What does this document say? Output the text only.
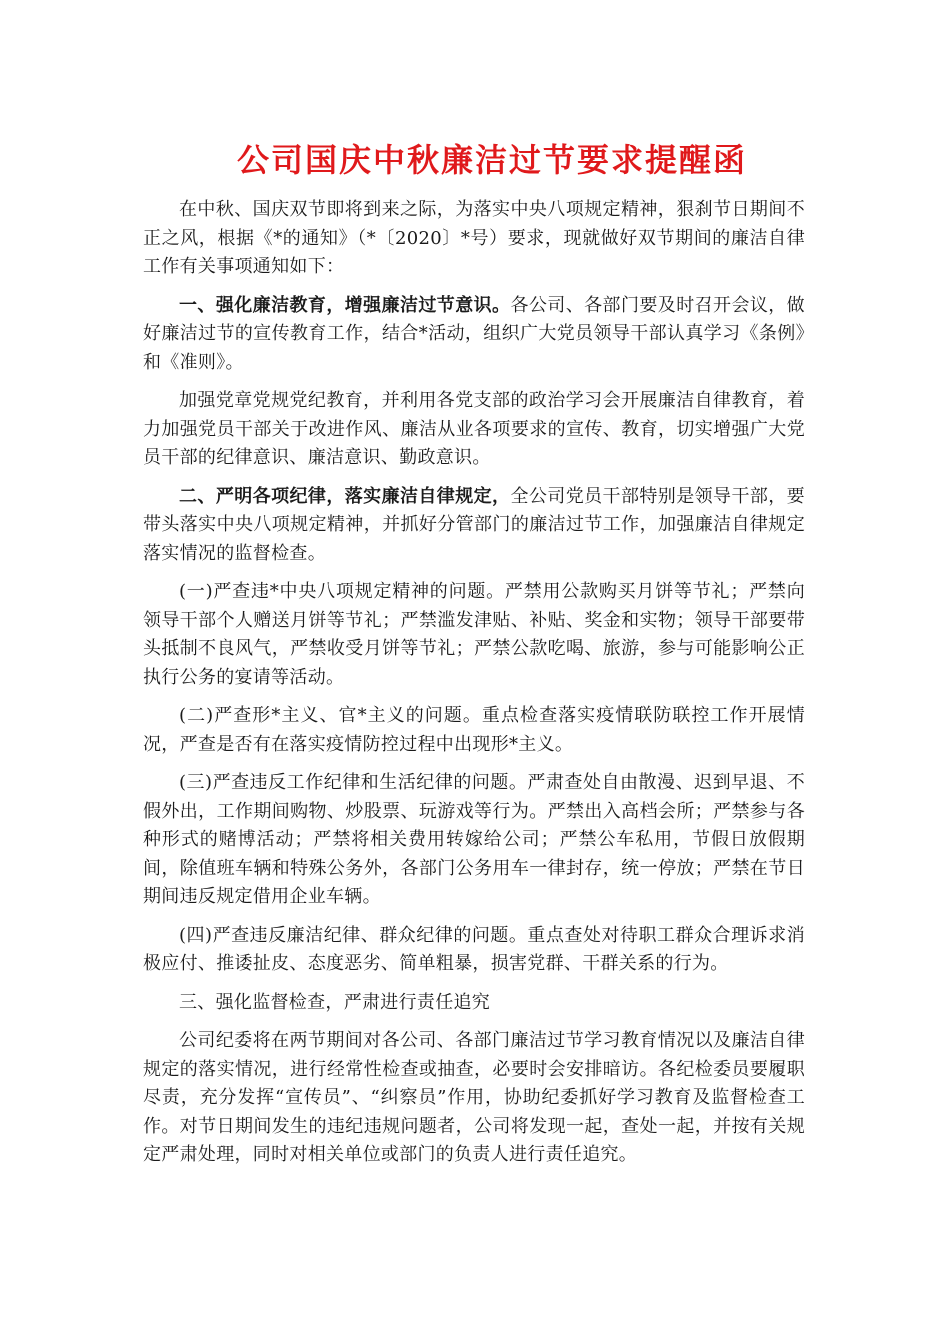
公司国庆中秋廉洁过节要求提醒函

在中秋、国庆双节即将到来之际，为落实中央八项规定精神，狠刹节日期间不正之风，根据《*的通知》（*〔2020〕*号）要求，现就做好双节期间的廉洁自律工作有关事项通知如下：

一、强化廉洁教育，增强廉洁过节意识。各公司、各部门要及时召开会议，做好廉洁过节的宣传教育工作，结合*活动，组织广大党员领导干部认真学习《条例》和《准则》。

加强党章党规党纪教育，并利用各党支部的政治学习会开展廉洁自律教育，着力加强党员干部关于改进作风、廉洁从业各项要求的宣传、教育，切实增强广大党员干部的纪律意识、廉洁意识、勤政意识。

二、严明各项纪律，落实廉洁自律规定，全公司党员干部特别是领导干部，要带头落实中央八项规定精神，并抓好分管部门的廉洁过节工作，加强廉洁自律规定落实情况的监督检查。

(一)严查违*中央八项规定精神的问题。严禁用公款购买月饼等节礼；严禁向领导干部个人赠送月饼等节礼；严禁滥发津贴、补贴、奖金和实物；领导干部要带头抵制不良风气，严禁收受月饼等节礼；严禁公款吃喝、旅游，参与可能影响公正执行公务的宴请等活动。

(二)严查形*主义、官*主义的问题。重点检查落实疫情联防联控工作开展情况，严查是否有在落实疫情防控过程中出现形*主义。

(三)严查违反工作纪律和生活纪律的问题。严肃查处自由散漫、迟到早退、不假外出，工作期间购物、炒股票、玩游戏等行为。严禁出入高档会所；严禁参与各种形式的赌博活动；严禁将相关费用转嫁给公司；严禁公车私用，节假日放假期间，除值班车辆和特殊公务外，各部门公务用车一律封存，统一停放；严禁在节日期间违反规定借用企业车辆。

(四)严查违反廉洁纪律、群众纪律的问题。重点查处对待职工群众合理诉求消极应付、推诿扯皮、态度恶劣、简单粗暴，损害党群、干群关系的行为。

三、强化监督检查，严肃进行责任追究

公司纪委将在两节期间对各公司、各部门廉洁过节学习教育情况以及廉洁自律规定的落实情况，进行经常性检查或抽查，必要时会安排暗访。各纪检委员要履职尽责，充分发挥“宣传员”、“纠察员”作用，协助纪委抓好学习教育及监督检查工作。对节日期间发生的违纪违规问题者，公司将发现一起，查处一起，并按有关规定严肃处理，同时对相关单位或部门的负责人进行责任追究。
